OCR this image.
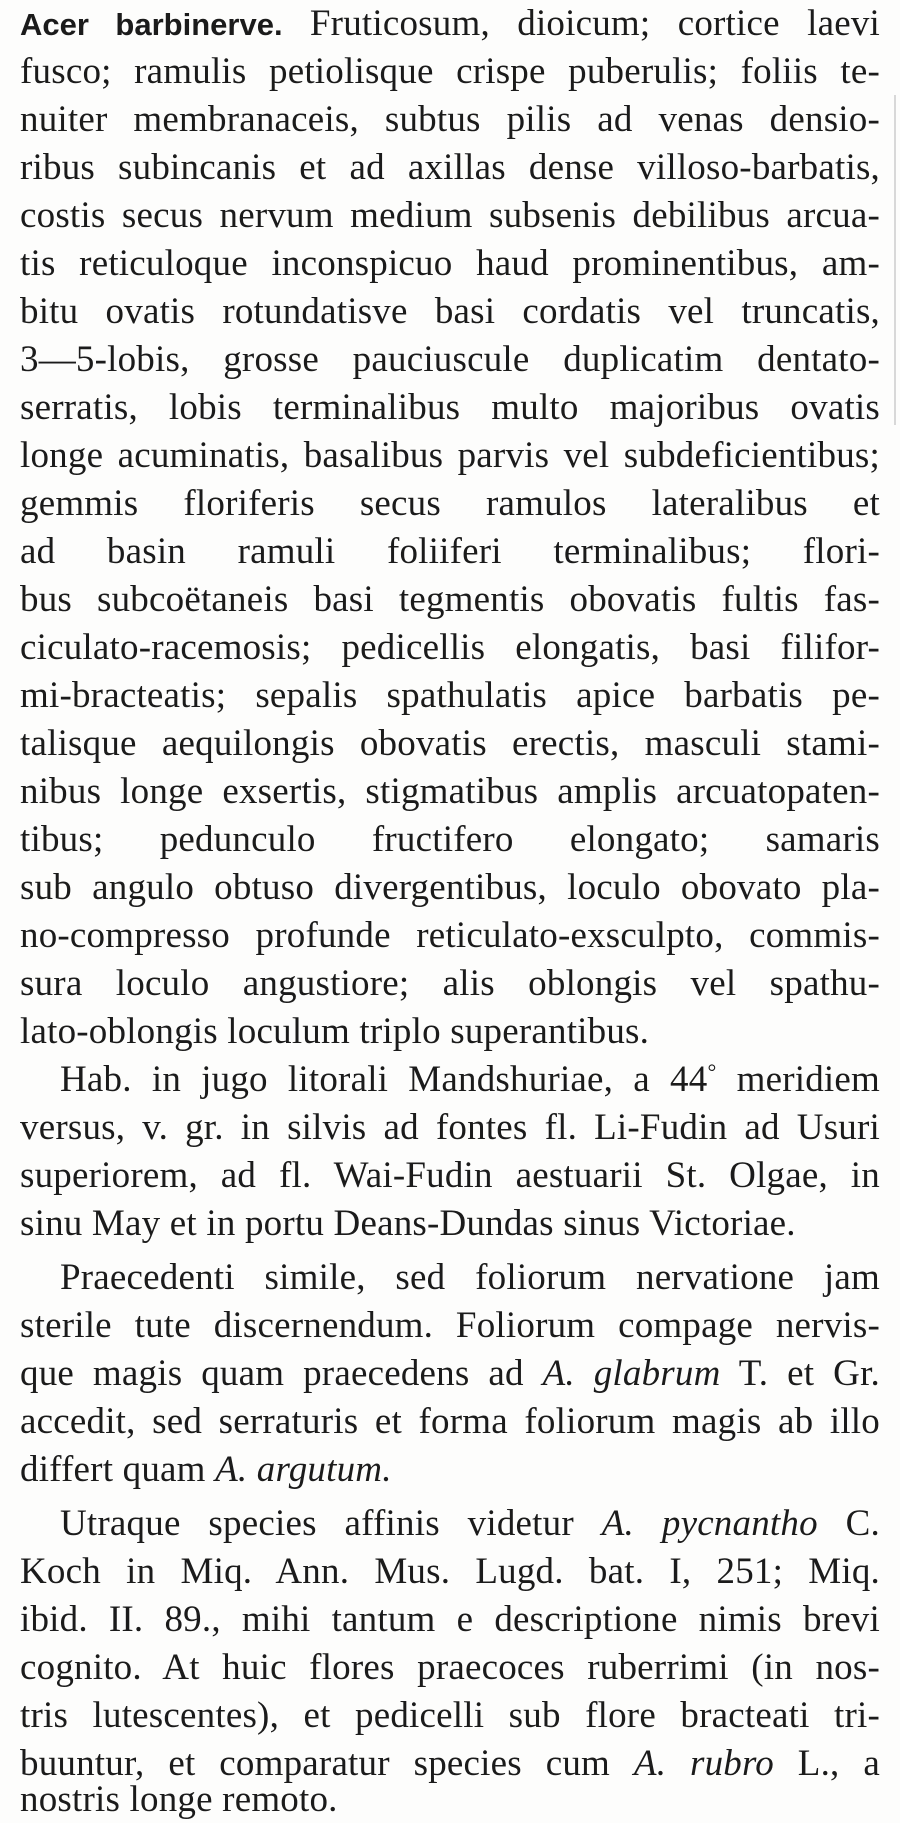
Acer barbinerve. Fruticosum, dioicum; cortice laevi
fusco; ramulis petiolisque crispe puberulis; foliis te-
nuiter membranaceis, subtus pilis ad venas densio-
ribus subincanis et ad axillas dense villoso-barbatis,
costis secus nervum medium subsenis debilibus arcua-
tis reticuloque inconspicuo haud prominentibus, am-
bitu ovatis rotundatisve basi cordatis vel truncatis,
3—5-lobis, grosse pauciuscule duplicatim dentato-
serratis, lobis terminalibus multo majoribus ovatis
longe acuminatis, basalibus parvis vel subdeficientibus;
gemmis floriferis secus ramulos lateralibus et
ad basin ramuli foliiferi terminalibus; flori-
bus subcoëtaneis basi tegmentis obovatis fultis fas-
ciculato-racemosis; pedicellis elongatis, basi filifor-
mi-bracteatis; sepalis spathulatis apice barbatis pe-
talisque aequilongis obovatis erectis, masculi stami-
nibus longe exsertis, stigmatibus amplis arcuatopaten-
tibus; pedunculo fructifero elongato; samaris
sub angulo obtuso divergentibus, loculo obovato pla-
no-compresso profunde reticulato-exsculpto, commis-
sura loculo angustiore; alis oblongis vel spathu-
lato-oblongis loculum triplo superantibus.
Hab. in jugo litorali Mandshuriae, a 44° meridiem
versus, v. gr. in silvis ad fontes fl. Li-Fudin ad Usuri
superiorem, ad fl. Wai-Fudin aestuarii St. Olgae, in
sinu May et in portu Deans-Dundas sinus Victoriae.
Praecedenti simile, sed foliorum nervatione jam
sterile tute discernendum. Foliorum compage nervis-
que magis quam praecedens ad A. glabrum T. et Gr.
accedit, sed serraturis et forma foliorum magis ab illo
differt quam A. argutum.
Utraque species affinis videtur A. pycnantho C.
Koch in Miq. Ann. Mus. Lugd. bat. I, 251; Miq.
ibid. II. 89., mihi tantum e descriptione nimis brevi
cognito. At huic flores praecoces ruberrimi (in nos-
tris lutescentes), et pedicelli sub flore bracteati tri-
buuntur, et comparatur species cum A. rubro L., a
nostris longe remoto.
